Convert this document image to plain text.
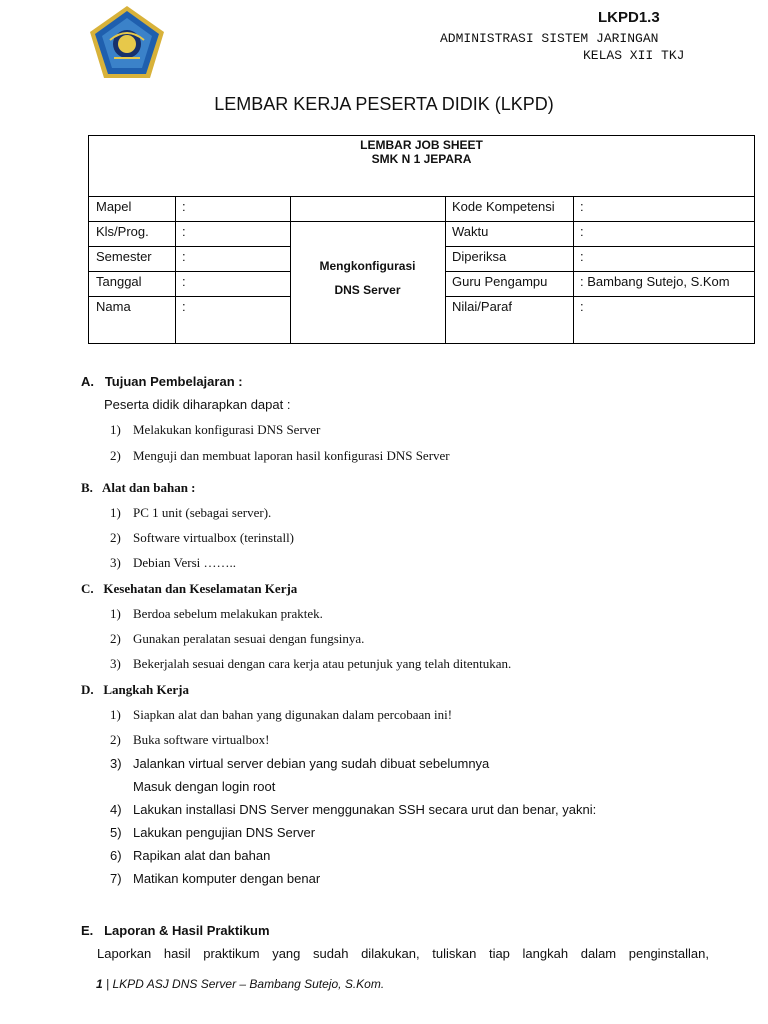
LKPD1.3
ADMINISTRASI SISTEM JARINGAN
KELAS XII TKJ
LEMBAR KERJA PESERTA DIDIK (LKPD)
LEMBAR JOB SHEET
SMK N 1 JEPARA
Mapel
Kls/Prog.
Semester
Tanggal
Nama
:
:
:
:
:
Mengkonfigurasi
DNS Server
Kode Kompetensi
Waktu
Diperiksa
Guru Pengampu
Nilai/Paraf
:
:
:
: Bambang Sutejo, S.Kom
:
A.   Tujuan Pembelajaran :
Peserta didik diharapkan dapat :
1) Melakukan konfigurasi DNS Server
2) Menguji dan membuat laporan hasil konfigurasi DNS Server
B.   Alat dan bahan :
1) PC 1 unit (sebagai server).
2) Software virtualbox (terinstall)
3) Debian Versi ……..
C.   Kesehatan dan Keselamatan Kerja
1) Berdoa sebelum melakukan praktek.
2) Gunakan peralatan sesuai dengan fungsinya.
3) Bekerjalah sesuai dengan cara kerja atau petunjuk yang telah ditentukan.
D.   Langkah Kerja
1) Siapkan alat dan bahan yang digunakan dalam percobaan ini!
2) Buka software virtualbox!
3) Jalankan virtual server debian yang sudah dibuat sebelumnya
Masuk dengan login root
4) Lakukan installasi DNS Server menggunakan SSH secara urut dan benar, yakni:
5) Lakukan pengujian DNS Server
6) Rapikan alat dan bahan
7) Matikan komputer dengan benar
E.   Laporan & Hasil Praktikum
Laporkan hasil praktikum yang sudah dilakukan, tuliskan tiap langkah dalam penginstallan,
1 | LKPD ASJ DNS Server – Bambang Sutejo, S.Kom.
